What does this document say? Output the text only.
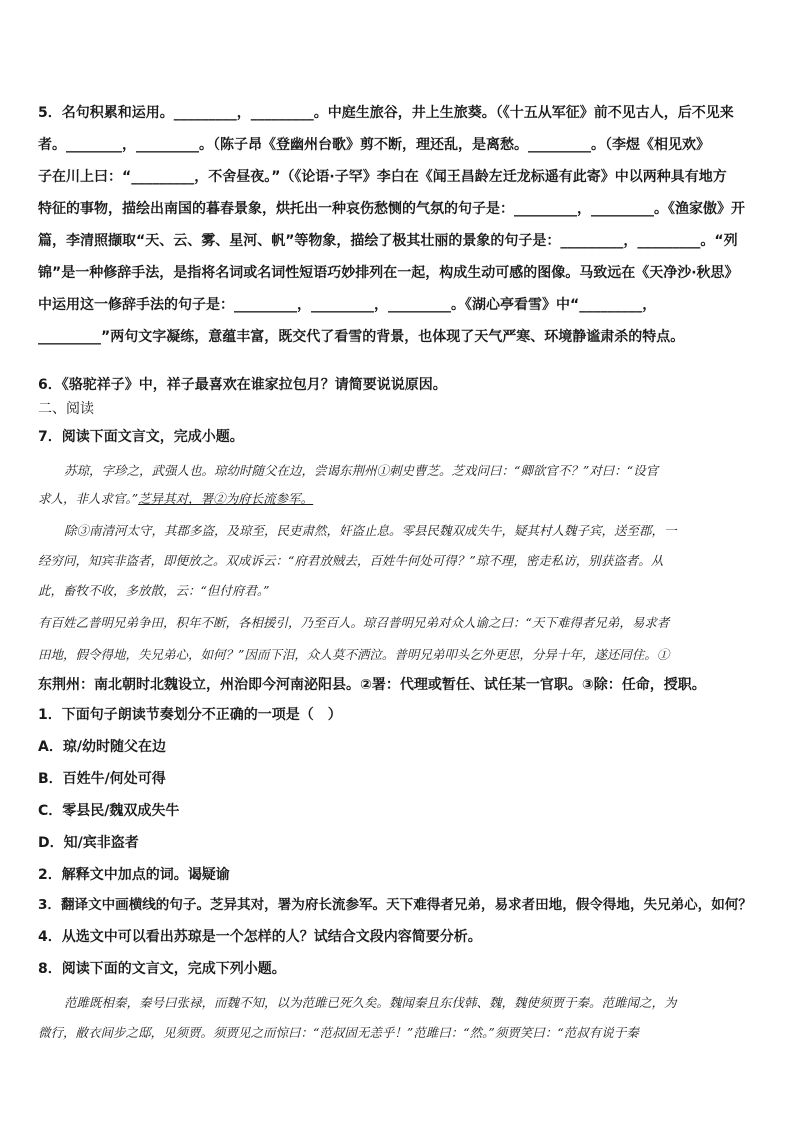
5．名句积累和运用。_________，_________。中庭生旅谷，井上生旅葵。（《十五从军征》前不见古人，后不见来
者。________，_________。（陈子昂《登幽州台歌》剪不断，理还乱，是离愁。_________。（李煜《相见欢》
子在川上曰：“_________，不舍昼夜。”（《论语·子罕》李白在《闻王昌龄左迁龙标遥有此寄》中以两种具有地方
特征的事物，描绘出南国的暮春景象，烘托出一种哀伤愁恻的气氛的句子是：_________，_________。《渔家傲》开
篇，李清照撷取“天、云、雾、星河、帆”等物象，描绘了极其壮丽的景象的句子是：_________，_________。“列
锦”是一种修辞手法，是指将名词或名词性短语巧妙排列在一起，构成生动可感的图像。马致远在《天净沙·秋思》
中运用这一修辞手法的句子是：_________，_________，_________。《湖心亭看雪》中“_________，
_________”两句文字凝练，意蕴丰富，既交代了看雪的背景，也体现了天气严寒、环境静谧肃杀的特点。
6．《骆驼祥子》中，祥子最喜欢在谁家拉包月？请简要说说原因。
二、阅读
7．阅读下面文言文，完成小题。
苏琼，字珍之，武强人也。琼幼时随父在边，尝谒东荆州①刺史曹芝。芝戏问曰：“卿欲官不？”对曰：“设官
求人，非人求官。”芝异其对，署②为府长流参军。
除③南清河太守，其郡多盗，及琼至，民吏肃然，奸盗止息。零县民魏双成失牛，疑其村人魏子宾，送至郡，一
经穷问，知宾非盗者，即便放之。双成诉云：“府君放贼去，百姓牛何处可得？”琼不理，密走私访，别获盗者。从
此，畜牧不收，多放散，云：“但付府君。”
有百姓乙普明兄弟争田，积年不断，各相援引，乃至百人。琼召普明兄弟对众人谕之曰：“天下难得者兄弟，易求者
田地，假令得地，失兄弟心，如何？”因而下泪，众人莫不洒泣。普明兄弟叩头乞外更思，分异十年，遂还同住。①
东荆州：南北朝时北魏设立，州治即今河南泌阳县。②署：代理或暂任、试任某一官职。③除：任命，授职。
1．下面句子朗读节奏划分不正确的一项是（　）
A．琼/幼时随父在边
B．百姓牛/何处可得
C．零县民/魏双成失牛
D．知/宾非盗者
2．解释文中加点的词。谒疑谕
3．翻译文中画横线的句子。芝异其对，署为府长流参军。天下难得者兄弟，易求者田地，假令得地，失兄弟心，如何？
4．从选文中可以看出苏琼是一个怎样的人？试结合文段内容简要分析。
8．阅读下面的文言文，完成下列小题。
范雎既相秦，秦号曰张禄，而魏不知，以为范雎已死久矣。魏闻秦且东伐韩、魏，魏使须贾于秦。范雎闻之，为
微行，敝衣间步之邸，见须贾。须贾见之而惊曰：“范叔固无恙乎！”范雎曰：“然。”须贾笑曰：“范叔有说于秦
